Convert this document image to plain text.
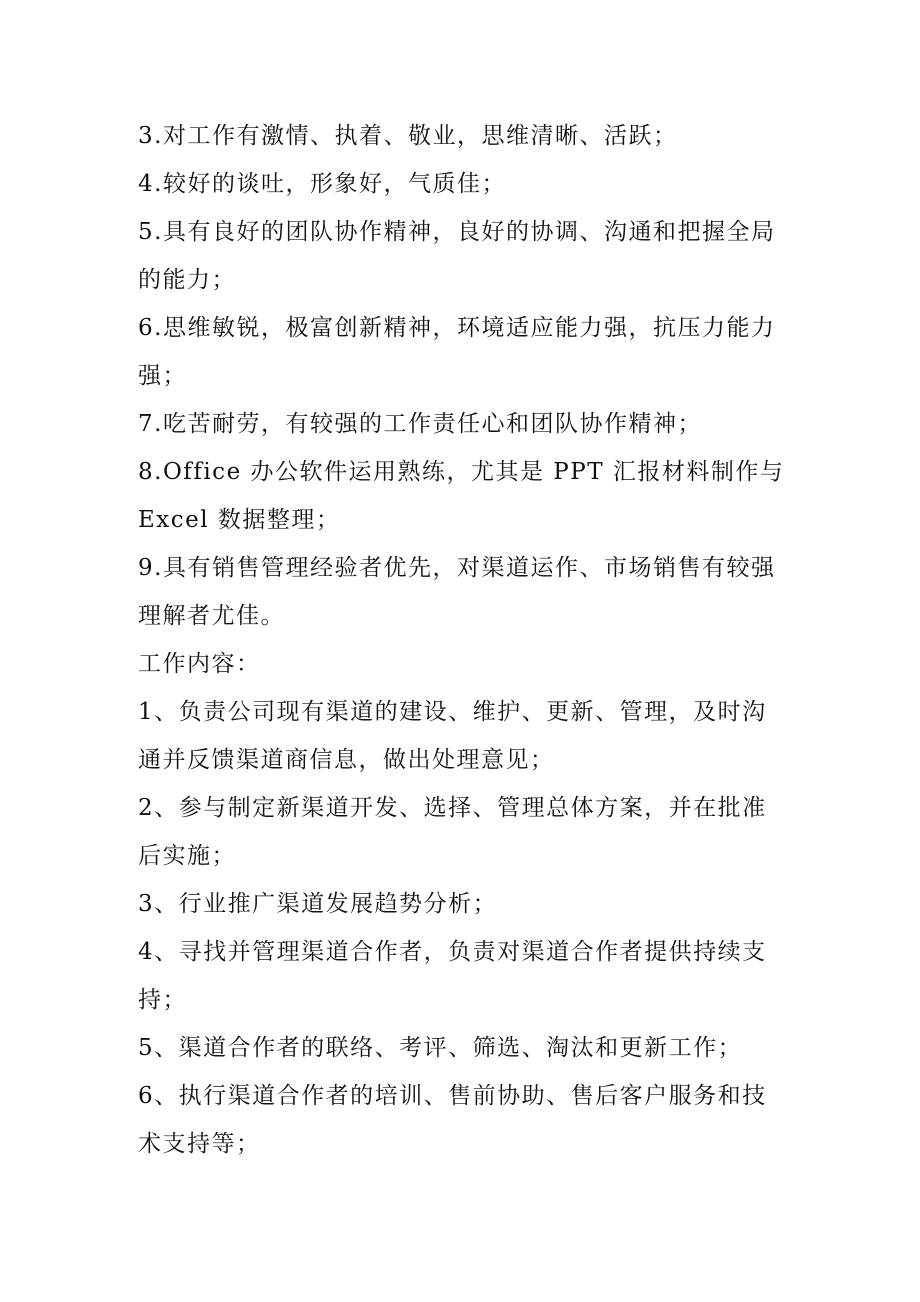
3.对工作有激情、执着、敬业，思维清晰、活跃；

4.较好的谈吐，形象好，气质佳；

5.具有良好的团队协作精神，良好的协调、沟通和把握全局的能力；

6.思维敏锐，极富创新精神，环境适应能力强，抗压力能力强；

7.吃苦耐劳，有较强的工作责任心和团队协作精神；

8.Office 办公软件运用熟练，尤其是 PPT 汇报材料制作与 Excel 数据整理；

9.具有销售管理经验者优先，对渠道运作、市场销售有较强理解者尤佳。

工作内容：

1、负责公司现有渠道的建设、维护、更新、管理，及时沟通并反馈渠道商信息，做出处理意见；

2、参与制定新渠道开发、选择、管理总体方案，并在批准后实施；

3、行业推广渠道发展趋势分析；

4、寻找并管理渠道合作者，负责对渠道合作者提供持续支持；

5、渠道合作者的联络、考评、筛选、淘汰和更新工作；

6、执行渠道合作者的培训、售前协助、售后客户服务和技术支持等；
